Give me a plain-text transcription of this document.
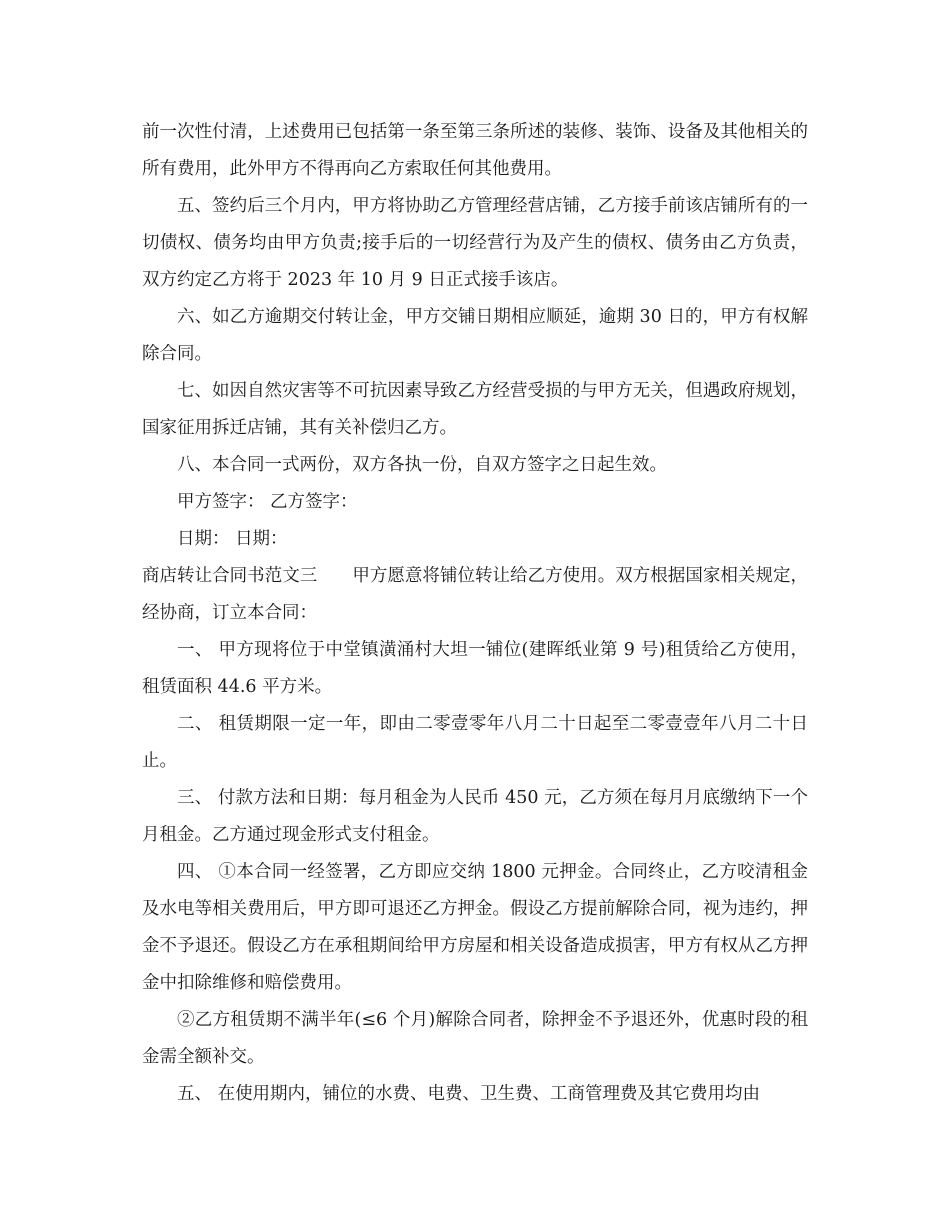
前一次性付清，上述费用已包括第一条至第三条所述的装修、装饰、设备及其他相关的所有费用，此外甲方不得再向乙方索取任何其他费用。

五、签约后三个月内，甲方将协助乙方管理经营店铺，乙方接手前该店铺所有的一切债权、债务均由甲方负责;接手后的一切经营行为及产生的债权、债务由乙方负责，双方约定乙方将于 2023 年 10 月 9 日正式接手该店。

六、如乙方逾期交付转让金，甲方交铺日期相应顺延，逾期 30 日的，甲方有权解除合同。

七、如因自然灾害等不可抗因素导致乙方经营受损的与甲方无关，但遇政府规划，国家征用拆迁店铺，其有关补偿归乙方。

八、本合同一式两份，双方各执一份，自双方签字之日起生效。

甲方签字： 乙方签字：

日期： 日期：

商店转让合同书范文三　　甲方愿意将铺位转让给乙方使用。双方根据国家相关规定，经协商，订立本合同：

一、 甲方现将位于中堂镇潢涌村大坦一铺位(建晖纸业第 9 号)租赁给乙方使用，租赁面积 44.6 平方米。

二、 租赁期限一定一年，即由二零壹零年八月二十日起至二零壹壹年八月二十日止。

三、 付款方法和日期：每月租金为人民币 450 元，乙方须在每月月底缴纳下一个月租金。乙方通过现金形式支付租金。

四、 ①本合同一经签署，乙方即应交纳 1800 元押金。合同终止，乙方咬清租金及水电等相关费用后，甲方即可退还乙方押金。假设乙方提前解除合同，视为违约，押金不予退还。假设乙方在承租期间给甲方房屋和相关设备造成损害，甲方有权从乙方押金中扣除维修和赔偿费用。

②乙方租赁期不满半年(≤6 个月)解除合同者，除押金不予退还外，优惠时段的租金需全额补交。

五、 在使用期内，铺位的水费、电费、卫生费、工商管理费及其它费用均由
